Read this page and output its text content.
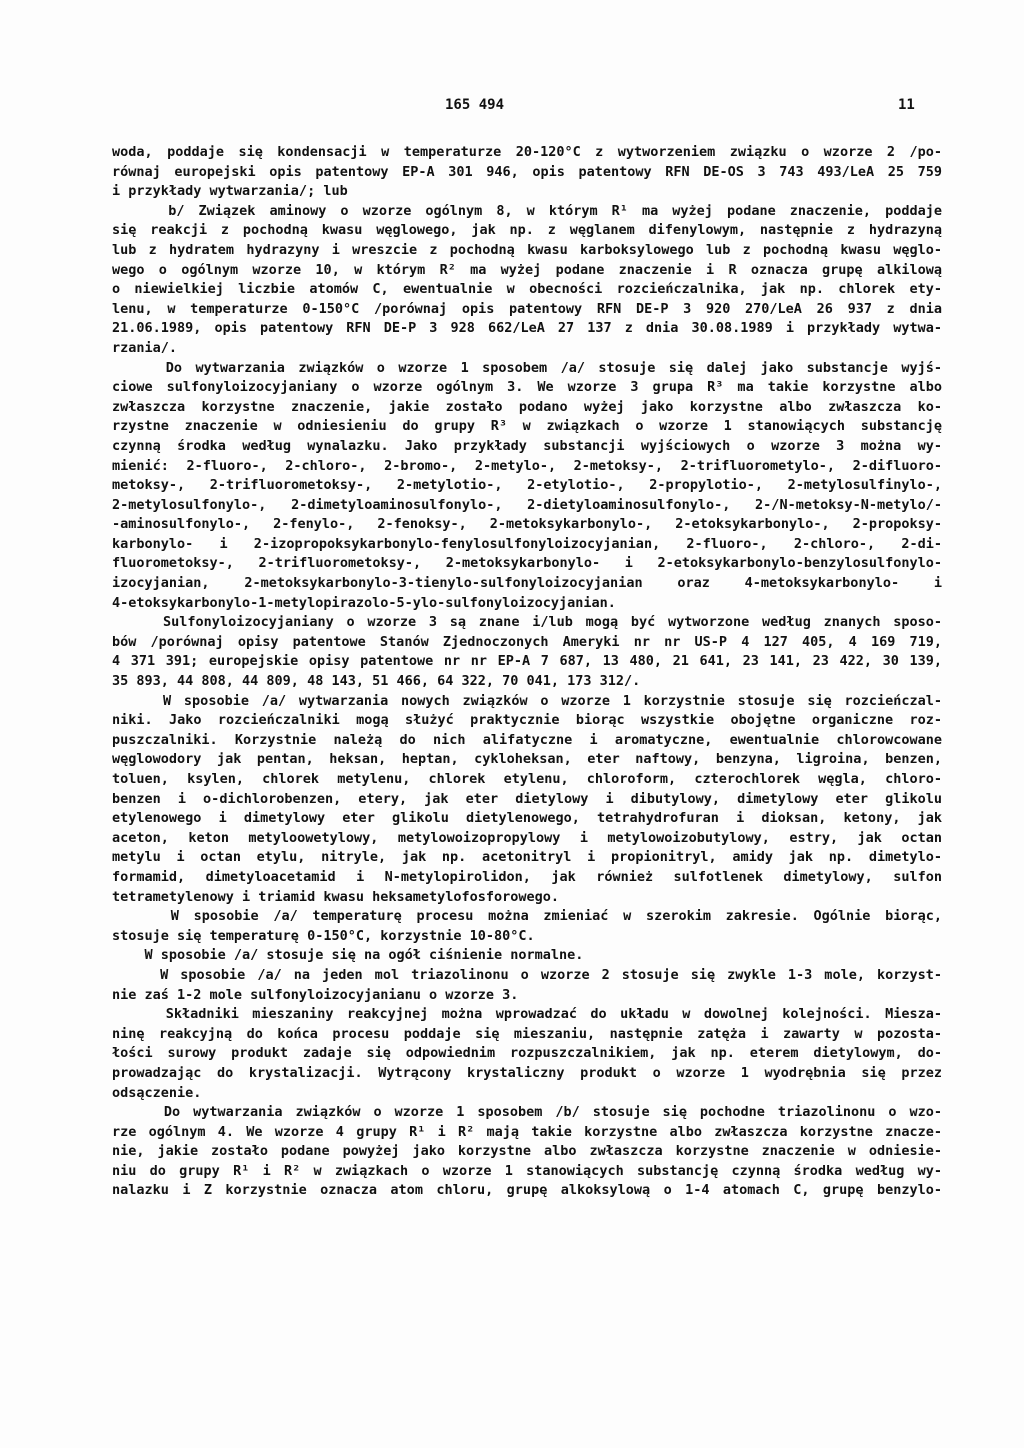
165 494	11
woda, poddaje się kondensacji w temperaturze 20-120°C z wytworzeniem związku o wzorze 2 /po-
równaj europejski opis patentowy EP-A 301 946, opis patentowy RFN DE-OS 3 743 493/LeA 25 759
i przykłady wytwarzania/; lub
b/ Związek aminowy o wzorze ogólnym 8, w którym R¹ ma wyżej podane znaczenie, poddaje
się reakcji z pochodną kwasu węglowego, jak np. z węglanem difenylowym, następnie z hydrazyną
lub z hydratem hydrazyny i wreszcie z pochodną kwasu karboksylowego lub z pochodną kwasu węglo-
wego o ogólnym wzorze 10, w którym R² ma wyżej podane znaczenie i R oznacza grupę alkilową
o niewielkiej liczbie atomów C, ewentualnie w obecności rozcieńczalnika, jak np. chlorek ety-
lenu, w temperaturze 0-150°C /porównaj opis patentowy RFN DE-P 3 920 270/LeA 26 937 z dnia
21.06.1989, opis patentowy RFN DE-P 3 928 662/LeA 27 137 z dnia 30.08.1989 i przykłady wytwa-
rzania/.
Do wytwarzania związków o wzorze 1 sposobem /a/ stosuje się dalej jako substancje wyjś-
ciowe sulfonyloizocyjaniany o wzorze ogólnym 3. We wzorze 3 grupa R³ ma takie korzystne albo
zwłaszcza korzystne znaczenie, jakie zostało podano wyżej jako korzystne albo zwłaszcza ko-
rzystne znaczenie w odniesieniu do grupy R³ w związkach o wzorze 1 stanowiących substancję
czynną środka według wynalazku. Jako przykłady substancji wyjściowych o wzorze 3 można wy-
mienić: 2-fluoro-, 2-chloro-, 2-bromo-, 2-metylo-, 2-metoksy-, 2-trifluorometylo-, 2-difluoro-
metoksy-, 2-trifluorometoksy-, 2-metylotio-, 2-etylotio-, 2-propylotio-, 2-metylosulfinylo-,
2-metylosulfonylo-, 2-dimetyloaminosulfonylo-, 2-dietyloaminosulfonylo-, 2-/N-metoksy-N-metylo/-
-aminosulfonylo-, 2-fenylo-, 2-fenoksy-, 2-metoksykarbonylo-, 2-etoksykarbonylo-, 2-propoksy-
karbonylo- i 2-izopropoksykarbonylo-fenylosulfonyloizocyjanian, 2-fluoro-, 2-chloro-, 2-di-
fluorometoksy-, 2-trifluorometoksy-, 2-metoksykarbonylo- i 2-etoksykarbonylo-benzylosulfonylo-
izocyjanian, 2-metoksykarbonylo-3-tienylo-sulfonyloizocyjanian oraz 4-metoksykarbonylo- i
4-etoksykarbonylo-1-metylopirazolo-5-ylo-sulfonyloizocyjanian.
Sulfonyloizocyjaniany o wzorze 3 są znane i/lub mogą być wytworzone według znanych sposo-
bów /porównaj opisy patentowe Stanów Zjednoczonych Ameryki nr nr US-P 4 127 405, 4 169 719,
4 371 391; europejskie opisy patentowe nr nr EP-A 7 687, 13 480, 21 641, 23 141, 23 422, 30 139,
35 893, 44 808, 44 809, 48 143, 51 466, 64 322, 70 041, 173 312/.
W sposobie /a/ wytwarzania nowych związków o wzorze 1 korzystnie stosuje się rozcieńczal-
niki. Jako rozcieńczalniki mogą służyć praktycznie biorąc wszystkie obojętne organiczne roz-
puszczalniki. Korzystnie należą do nich alifatyczne i aromatyczne, ewentualnie chlorowcowane
węglowodory jak pentan, heksan, heptan, cykloheksan, eter naftowy, benzyna, ligroina, benzen,
toluen, ksylen, chlorek metylenu, chlorek etylenu, chloroform, czterochlorek węgla, chloro-
benzen i o-dichlorobenzen, etery, jak eter dietylowy i dibutylowy, dimetylowy eter glikolu
etylenowego i dimetylowy eter glikolu dietylenowego, tetrahydrofuran i dioksan, ketony, jak
aceton, keton metyloowetylowy, metylowoizopropylowy i metylowoizobutylowy, estry, jak octan
metylu i octan etylu, nitryle, jak np. acetonitryl i propionitryl, amidy jak np. dimetylo-
formamid, dimetyloacetamid i N-metylopirolidon, jak również sulfotlenek dimetylowy, sulfon
tetrametylenowy i triamid kwasu heksametylofosforowego.
W sposobie /a/ temperaturę procesu można zmieniać w szerokim zakresie. Ogólnie biorąc,
stosuje się temperaturę 0-150°C, korzystnie 10-80°C.
W sposobie /a/ stosuje się na ogół ciśnienie normalne.
W sposobie /a/ na jeden mol triazolinonu o wzorze 2 stosuje się zwykle 1-3 mole, korzyst-
nie zaś 1-2 mole sulfonyloizocyjanianu o wzorze 3.
Składniki mieszaniny reakcyjnej można wprowadzać do układu w dowolnej kolejności. Miesza-
ninę reakcyjną do końca procesu poddaje się mieszaniu, następnie zatęża i zawarty w pozosta-
łości surowy produkt zadaje się odpowiednim rozpuszczalnikiem, jak np. eterem dietylowym, do-
prowadzając do krystalizacji. Wytrącony krystaliczny produkt o wzorze 1 wyodrębnia się przez
odsączenie.
Do wytwarzania związków o wzorze 1 sposobem /b/ stosuje się pochodne triazolinonu o wzo-
rze ogólnym 4. We wzorze 4 grupy R¹ i R² mają takie korzystne albo zwłaszcza korzystne znacze-
nie, jakie zostało podane powyżej jako korzystne albo zwłaszcza korzystne znaczenie w odniesie-
niu do grupy R¹ i R² w związkach o wzorze 1 stanowiących substancję czynną środka według wy-
nalazku i Z korzystnie oznacza atom chloru, grupę alkoksylową o 1-4 atomach C, grupę benzylo-
